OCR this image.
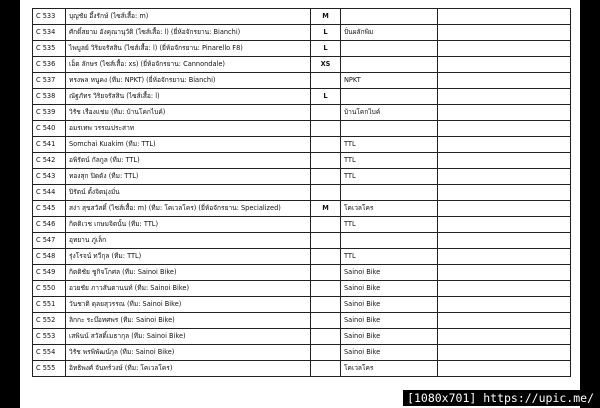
C 533	บุญชัย อึ้งรักษ์ (ไซส์เสื้อ: m)	M		
C 534	ศักดิ์สยาม อังคุณานุวัติ (ไซส์เสื้อ: l) (ยี่ห้อจักรยาน: Bianchi)	L	ปั่นผลักพิม	
C 535	ไพบูลย์ วิริยจรัสสิน (ไซส์เสื้อ: l) (ยี่ห้อจักรยาน: Pinarello F8)	L		
C 536	เอ็ต ลักษร (ไซส์เสื้อ: xs) (ยี่ห้อจักรยาน: Cannondale)	XS		
C 537	ทรงพล หนูคง (ทีม: NPKT) (ยี่ห้อจักรยาน: Bianchi)		NPKT	
C 538	ณัฐภัทร วิริยจรัสสิน (ไซส์เสื้อ: l)	L		
C 539	วิรัช เรืองแช่ม (ทีม: บ้านโคกไบค์)		บ้านโคกไบค์	
C 540	อมรเทพ วรรณประสาท			
C 541	Somchai Kuakim (ทีม: TTL)		TTL	
C 542	อพิรัตน์ กัลกูล (ทีม: TTL)		TTL	
C 543	ทองสุก ปิดดัง (ทีม: TTL)		TTL	
C 544	ปิรัตน์ ตั้งจิตมุ่งมั่น			
C 545	สง่า สุขสวัสดิ์ (ไซส์เสื้อ: m) (ทีม: โคเวลโคร) (ยี่ห้อจักรยาน: Specialized)	M	โคเวลโคร	
C 546	กิตติเวช เกษมจิตนั้น (ทีม: TTL)		TTL	
C 547	อุทยาน ภู่เล็ก			
C 548	รุ่งโรจน์ ทวีกุล (ทีม: TTL)		TTL	
C 549	กิตติชัย ชูกิจโกศล (ทีม: Sainoi Bike)		Sainoi Bike	
C 550	อวยชัย ภาวสันตานนท์ (ทีม: Sainoi Bike)		Sainoi Bike	
C 551	วันชาติ ดุลยสุวรรณ (ทีม: Sainoi Bike)		Sainoi Bike	
C 552	ลิกกะ ระบ๊อทศพร (ทีม: Sainoi Bike)		Sainoi Bike	
C 553	เสพินน์ สวัสดิ์เมธากุล (ทีม: Sainoi Bike)		Sainoi Bike	
C 554	วิรัช พรพิพัฒน์กุล (ทีม: Sainoi Bike)		Sainoi Bike	
C 555	อิทธิพงศ์ จันทร์วงษ์ (ทีม: โคเวลโคร)		โคเวลโคร	
[1080x701] https://upic.me/
